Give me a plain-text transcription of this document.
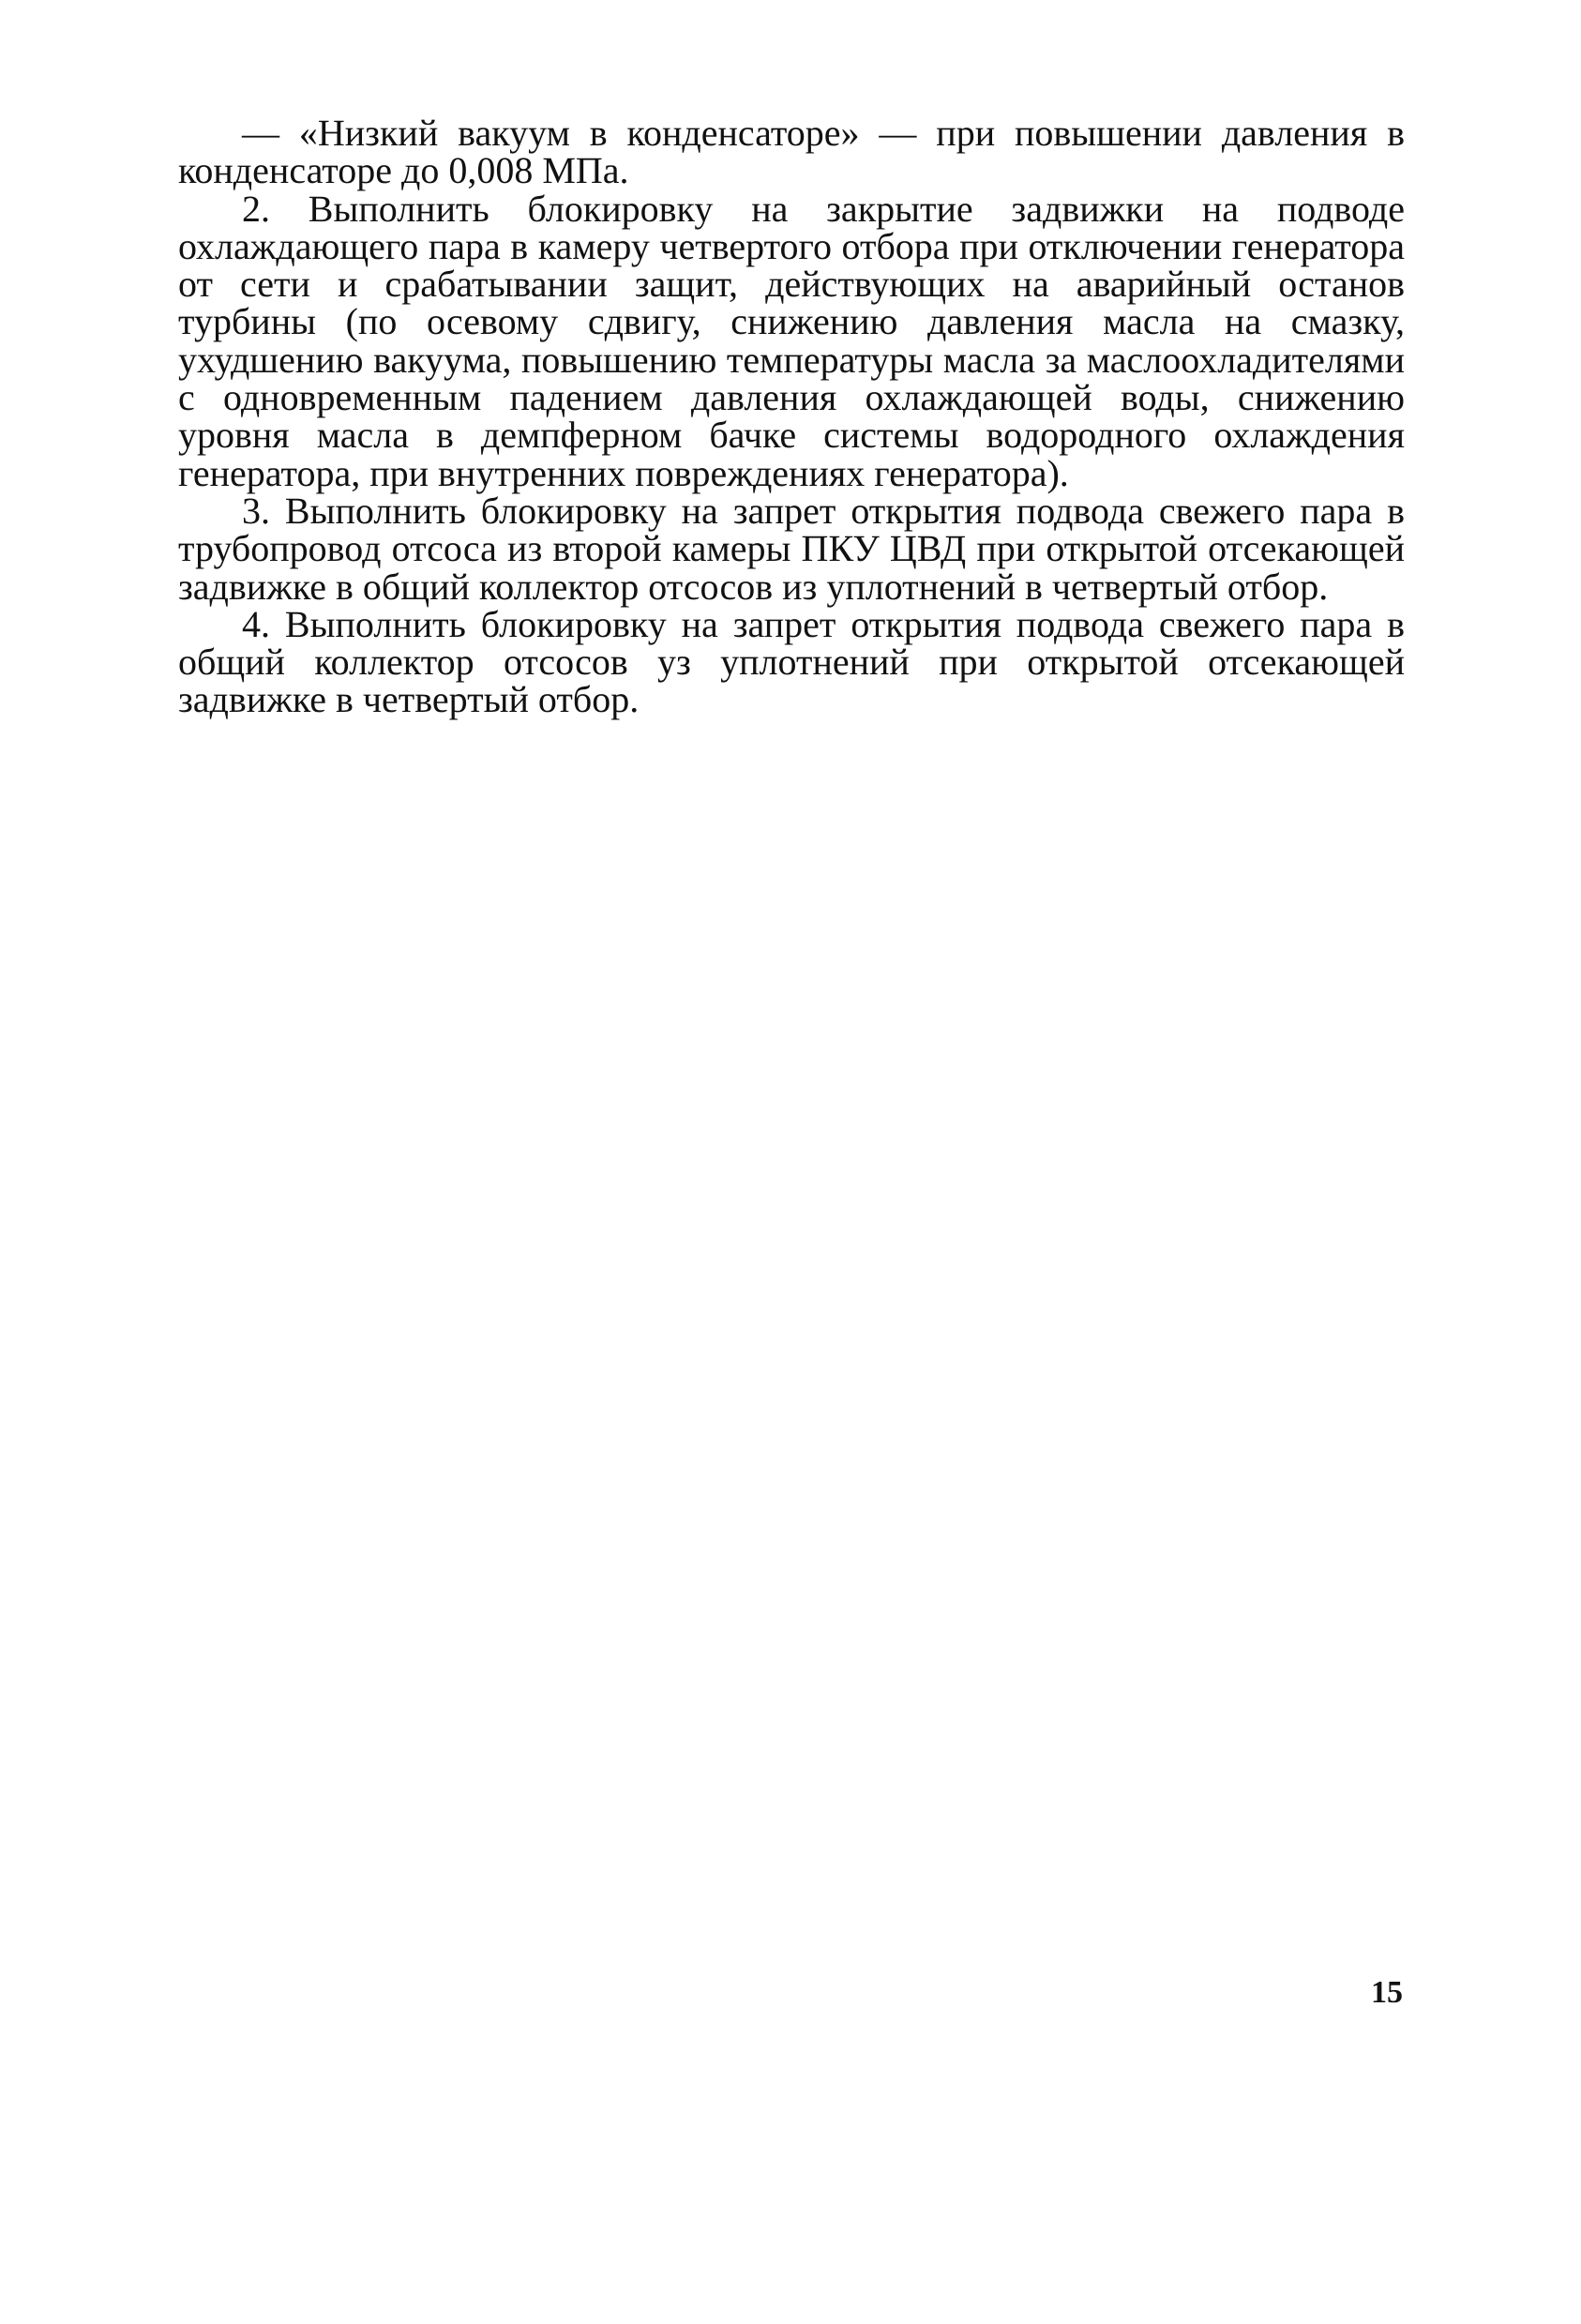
— «Низкий вакуум в конденсаторе» — при повышении давления в конденсаторе до 0,008 МПа.

2. Выполнить блокировку на закрытие задвижки на подводе охлаждающего пара в камеру четвертого отбора при отключении генератора от сети и срабатывании защит, действующих на аварийный останов турбины (по осевому сдвигу, снижению давления масла на смазку, ухудшению вакуума, повышению температуры масла за маслоохладителями с одновременным падением давления охлаждающей воды, снижению уровня масла в демпферном бачке системы водородного охлаждения генератора, при внутренних повреждениях генератора).

3. Выполнить блокировку на запрет открытия подвода свежего пара в трубопровод отсоса из второй камеры ПКУ ЦВД при открытой отсекающей задвижке в общий коллектор отсосов из уплотнений в четвертый отбор.

4. Выполнить блокировку на запрет открытия подвода свежего пара в общий коллектор отсосов уз уплотнений при открытой отсекающей задвижке в четвертый отбор.

15
